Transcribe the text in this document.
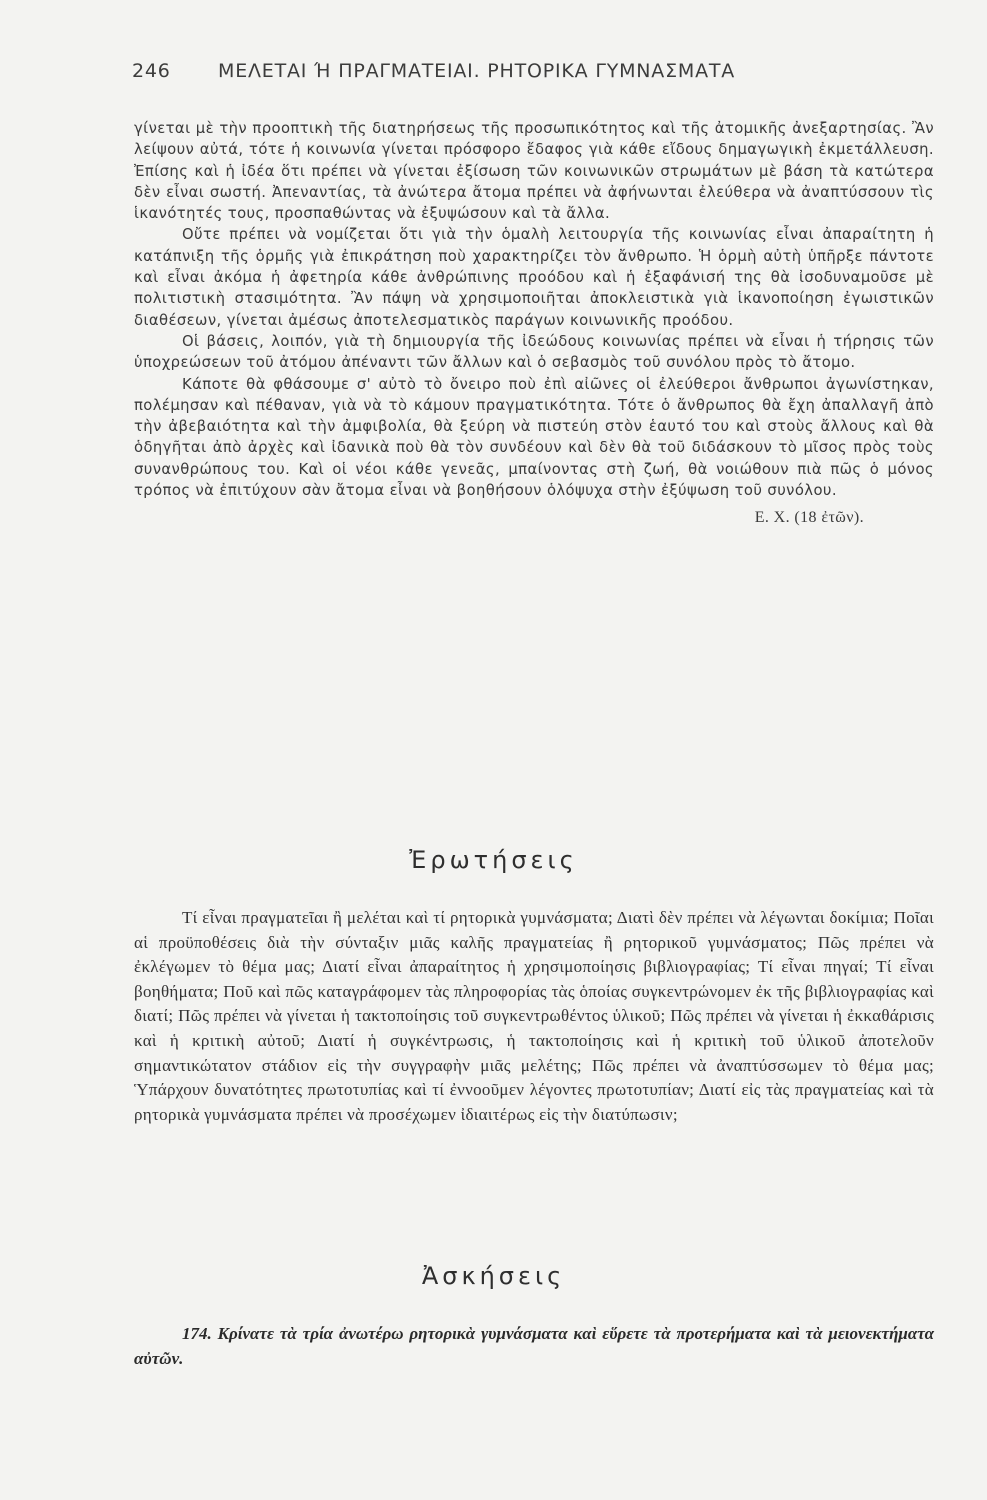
246 ΜΕΛΕΤΑΙ Ή ΠΡΑΓΜΑΤΕΙΑΙ. ΡΗΤΟΡΙΚΑ ΓΥΜΝΑΣΜΑΤΑ

γίνεται μὲ τὴν προοπτικὴ τῆς διατηρήσεως τῆς προσωπικότητος καὶ τῆς ἀτομικῆς ἀνεξαρτησίας. Ἂν λείψουν αὐτά, τότε ἡ κοινωνία γίνεται πρόσφορο ἔδαφος γιὰ κάθε εἴδους δημαγωγικὴ ἐκμετάλλευση. Ἐπίσης καὶ ἡ ἰδέα ὅτι πρέπει νὰ γίνεται ἐξίσωση τῶν κοινωνικῶν στρωμάτων μὲ βάση τὰ κατώτερα δὲν εἶναι σωστή. Ἀπεναντίας, τὰ ἀνώτερα ἄτομα πρέπει νὰ ἀφήνωνται ἐλεύθερα νὰ ἀναπτύσσουν τὶς ἱκανότητές τους, προσπαθώντας νὰ ἐξυψώσουν καὶ τὰ ἄλλα.

Οὔτε πρέπει νὰ νομίζεται ὅτι γιὰ τὴν ὁμαλὴ λειτουργία τῆς κοινωνίας εἶναι ἀπαραίτητη ἡ κατάπνιξη τῆς ὁρμῆς γιὰ ἐπικράτηση ποὺ χαρακτηρίζει τὸν ἄνθρωπο. Ἡ ὁρμὴ αὐτὴ ὑπῆρξε πάντοτε καὶ εἶναι ἀκόμα ἡ ἀφετηρία κάθε ἀνθρώπινης προόδου καὶ ἡ ἐξαφάνισή της θὰ ἰσοδυναμοῦσε μὲ πολιτιστικὴ στασιμότητα. Ἂν πάψη νὰ χρησιμοποιῆται ἀποκλειστικὰ γιὰ ἱκανοποίηση ἐγωιστικῶν διαθέσεων, γίνεται ἀμέσως ἀποτελεσματικὸς παράγων κοινωνικῆς προόδου.

Οἱ βάσεις, λοιπόν, γιὰ τὴ δημιουργία τῆς ἰδεώδους κοινωνίας πρέπει νὰ εἶναι ἡ τήρησις τῶν ὑποχρεώσεων τοῦ ἀτόμου ἀπέναντι τῶν ἄλλων καὶ ὁ σεβασμὸς τοῦ συνόλου πρὸς τὸ ἄτομο.

Κάποτε θὰ φθάσουμε σ' αὐτὸ τὸ ὄνειρο ποὺ ἐπὶ αἰῶνες οἱ ἐλεύθεροι ἄνθρωποι ἀγωνίστηκαν, πολέμησαν καὶ πέθαναν, γιὰ νὰ τὸ κάμουν πραγματικότητα. Τότε ὁ ἄνθρωπος θὰ ἔχη ἀπαλλαγῆ ἀπὸ τὴν ἀβεβαιότητα καὶ τὴν ἀμφιβολία, θὰ ξεύρη νὰ πιστεύη στὸν ἑαυτό του καὶ στοὺς ἄλλους καὶ θὰ ὁδηγῆται ἀπὸ ἀρχὲς καὶ ἰδανικὰ ποὺ θὰ τὸν συνδέουν καὶ δὲν θὰ τοῦ διδάσκουν τὸ μῖσος πρὸς τοὺς συνανθρώπους του. Καὶ οἱ νέοι κάθε γενεᾶς, μπαίνοντας στὴ ζωή, θὰ νοιώθουν πιὰ πῶς ὁ μόνος τρόπος νὰ ἐπιτύχουν σὰν ἄτομα εἶναι νὰ βοηθήσουν ὁλόψυχα στὴν ἐξύψωση τοῦ συνόλου.

Ε. Χ. (18 ἐτῶν).
Ἐρωτήσεις

Τί εἶναι πραγματεῖαι ἢ μελέται καὶ τί ρητορικὰ γυμνάσματα; Διατὶ δὲν πρέπει νὰ λέγωνται δοκίμια; Ποῖαι αἱ προϋποθέσεις διὰ τὴν σύνταξιν μιᾶς καλῆς πραγματείας ἢ ρητορικοῦ γυμνάσματος; Πῶς πρέπει νὰ ἐκλέγωμεν τὸ θέμα μας; Διατί εἶναι ἀπαραίτητος ἡ χρησιμοποίησις βιβλιογραφίας; Τί εἶναι πηγαί; Τί εἶναι βοηθήματα; Ποῦ καὶ πῶς καταγράφομεν τὰς πληροφορίας τὰς ὁποίας συγκεντρώνομεν ἐκ τῆς βιβλιογραφίας καὶ διατί; Πῶς πρέπει νὰ γίνεται ἡ τακτοποίησις τοῦ συγκεντρωθέντος ὑλικοῦ; Πῶς πρέπει νὰ γίνεται ἡ ἐκκαθάρισις καὶ ἡ κριτικὴ αὐτοῦ; Διατί ἡ συγκέντρωσις, ἡ τακτοποίησις καὶ ἡ κριτικὴ τοῦ ὑλικοῦ ἀποτελοῦν σημαντικώτατον στάδιον εἰς τὴν συγγραφὴν μιᾶς μελέτης; Πῶς πρέπει νὰ ἀναπτύσσωμεν τὸ θέμα μας; Ὑπάρχουν δυνατότητες πρωτοτυπίας καὶ τί ἐννοοῦμεν λέγοντες πρωτοτυπίαν; Διατί εἰς τὰς πραγματείας καὶ τὰ ρητορικὰ γυμνάσματα πρέπει νὰ προσέχωμεν ἰδιαιτέρως εἰς τὴν διατύπωσιν;

Ἀσκήσεις

174. Κρίνατε τὰ τρία ἀνωτέρω ρητορικὰ γυμνάσματα καὶ εὕρετε τὰ προτερήματα καὶ τὰ μειονεκτήματα αὐτῶν.
